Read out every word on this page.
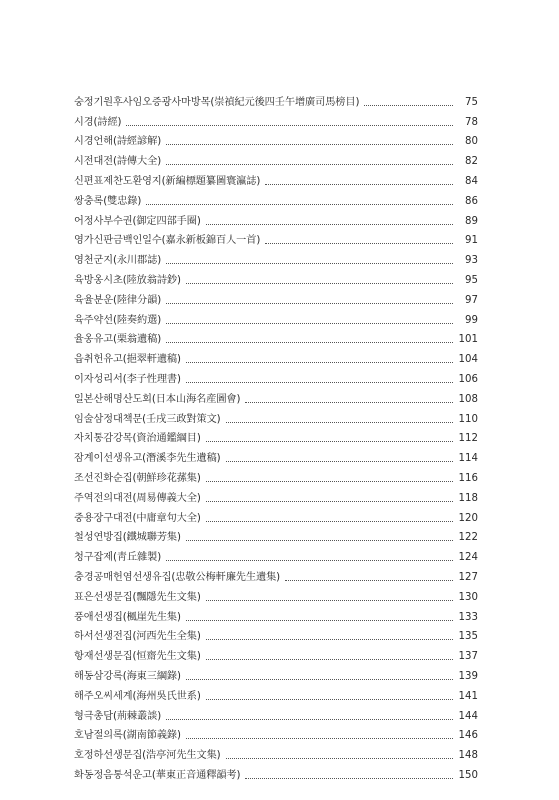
숭정기원후사임오증광사마방목(崇禎紀元後四壬午增廣司馬榜目)	75
시경(詩經)	78
시경언해(詩經諺解)	80
시전대전(詩傳大全)	82
신편표제찬도환영지(新編標題纂圖寰瀛誌)	84
쌍충록(雙忠錄)	86
어정사부수권(御定四部手圈)	89
영가신판금백인일수(嘉永新板錦百人一首)	91
영천군지(永川郡誌)	93
육방옹시초(陸放翁詩鈔)	95
육율분운(陸律分韻)	97
육주약선(陸奏約選)	99
율옹유고(栗翁遺稿)	101
읍취헌유고(挹翠軒遺稿)	104
이자성리서(李子性理書)	106
일본산해명산도회(日本山海名産圖會)	108
임술삼정대책문(壬戌三政對策文)	110
자치통감강목(資治通鑑綱目)	112
잠계이선생유고(潛溪李先生遺稿)	114
조선진화순집(朝鮮珍花蓀集)	116
주역전의대전(周易傳義大全)	118
중용장구대전(中庸章句大全)	120
철성연방집(鐵城聯芳集)	122
청구잡제(靑丘雜製)	124
충경공매헌염선생유집(忠敬公梅軒廉先生遺集)	127
표은선생문집(飄隱先生文集)	130
풍애선생집(楓崖先生集)	133
하서선생전집(河西先生全集)	135
항재선생문집(恒齋先生文集)	137
해동삼강록(海東三綱錄)	139
해주오씨세계(海州吳氏世系)	141
형극총담(荊棘叢談)	144
호남절의록(湖南節義錄)	146
호정하선생문집(浩亭河先生文集)	148
화동정음통석운고(華東正音通釋韻考)	150
